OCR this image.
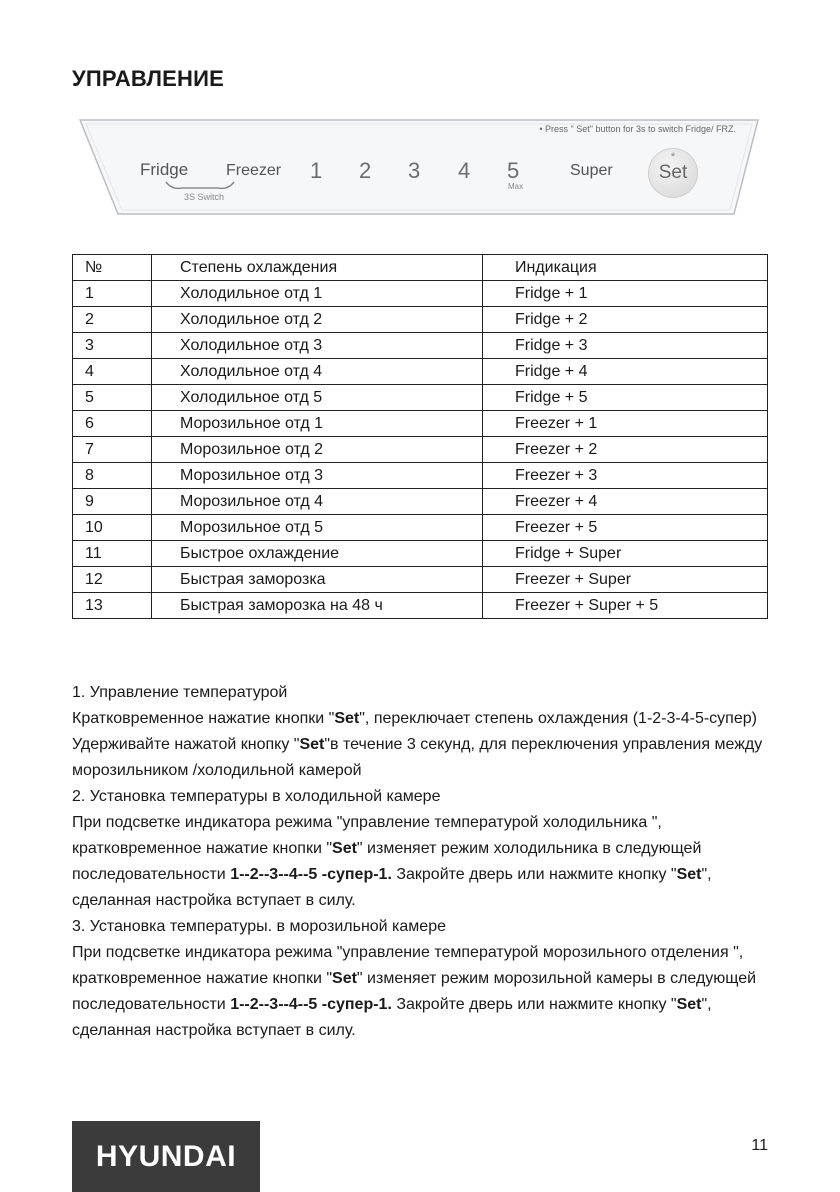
УПРАВЛЕНИЕ
• Press " Set" button for 3s to switch Fridge/ FRZ.
Fridge Freezer
3S Switch
1 2 3 4 5
Max
Super
*
Set
№	Степень охлаждения	Индикация
1	Холодильное отд 1	Fridge + 1
2	Холодильное отд 2	Fridge + 2
3	Холодильное отд 3	Fridge + 3
4	Холодильное отд 4	Fridge + 4
5	Холодильное отд 5	Fridge + 5
6	Морозильное отд 1	Freezer + 1
7	Морозильное отд 2	Freezer + 2
8	Морозильное отд 3	Freezer + 3
9	Морозильное отд 4	Freezer + 4
10	Морозильное отд 5	Freezer + 5
11	Быстрое охлаждение	Fridge + Super
12	Быстрая заморозка	Freezer + Super
13	Быстрая заморозка на 48 ч	Freezer + Super + 5

1. Управление температурой

Кратковременное нажатие кнопки "Set", переключает степень охлаждения (1-2-3-4-5-супер)

Удерживайте нажатой кнопку "Set"в течение 3 секунд, для переключения управления между морозильником /холодильной камерой

2. Установка температуры в холодильной камере

При подсветке индикатора режима "управление температурой холодильника ", кратковременное нажатие кнопки "Set" изменяет режим холодильника в следующей последовательности 1--2--3--4--5 -супер-1. Закройте дверь или нажмите кнопку "Set", сделанная настройка вступает в силу.

3. Установка температуры. в морозильной камере

При подсветке индикатора режима "управление температурой морозильного отделения ", кратковременное нажатие кнопки "Set" изменяет режим морозильной камеры в следующей последовательности 1--2--3--4--5 -супер-1. Закройте дверь или нажмите кнопку "Set", сделанная настройка вступает в силу.

HYUNDAI	11
